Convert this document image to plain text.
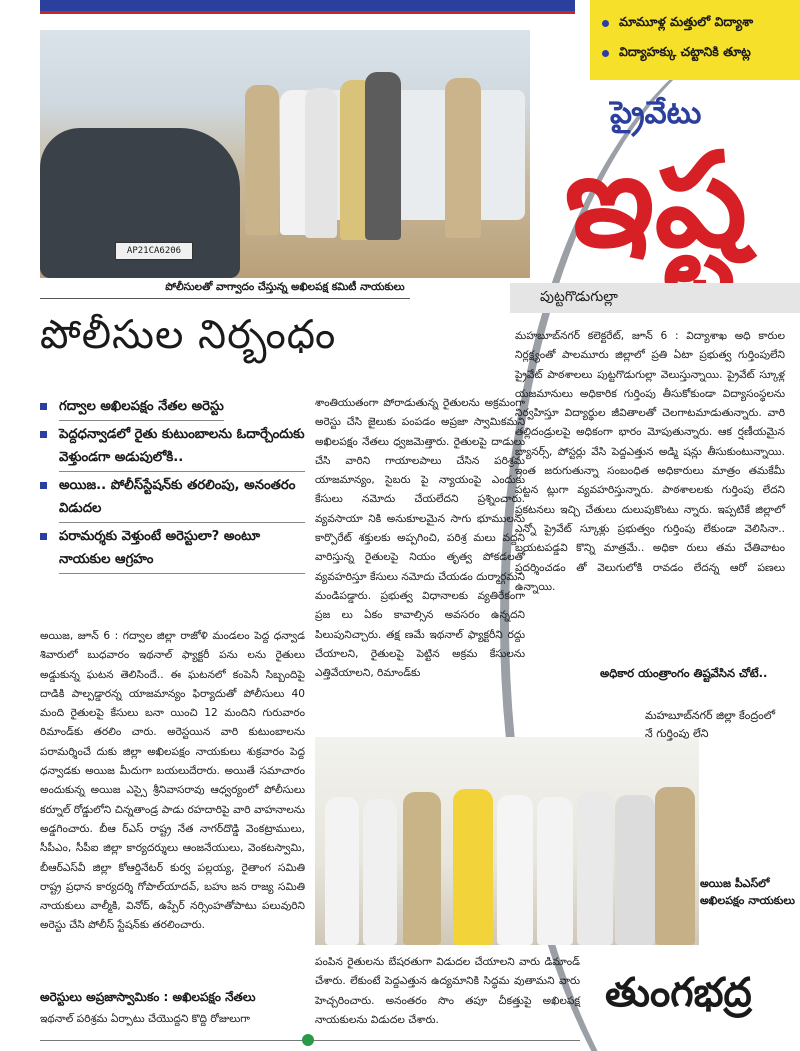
మామూళ్ల మత్తులో విద్యాశా
విద్యాహక్కు చట్టానికి తూట్ల
AP21CA6206
పోలీసులతో వాగ్వాదం చేస్తున్న అఖిలపక్ష కమిటీ నాయకులు
పోలీసుల నిర్బంధం
గద్వాల అఖిలపక్షం నేతల అరెస్టు
పెద్దధన్వాడలో రైతు కుటుంబాలను ఓదార్చేందుకు వెళ్తుండగా అడుపులోకి..
అయిజ.. పోలీస్‌స్టేషన్‌కు తరలింపు, అనంతరం విడుదల
పరామర్శకు వెళ్తుంటే అరెస్టులా? అంటూ నాయకుల ఆగ్రహం
అయిజ, జూన్ 6 : గద్వాల జిల్లా రాజోళి మండలం పెద్ద ధన్వాడ శివారులో బుధవారం ఇథనాల్ ఫ్యాక్టరీ పను లను రైతులు అడ్డుకున్న ఘటన తెలిసిందే.. ఈ ఘటనలో కంపెనీ సిబ్బందిపై దాడికి పాల్పడ్డారన్న యాజమాన్యం ఫిర్యాదుతో పోలీసులు 40 మంది రైతులపై కేసులు బనా యించి 12 మందిని గురువారం రిమాండ్‌కు తరలిం చారు. అరెస్టయిన వారి కుటుంబాలను పరామర్శించే దుకు జిల్లా అఖిలపక్షం నాయకులు శుక్రవారం పెద్ద ధన్వాడకు అయిజ మీదుగా బయలుదేరారు. అయితే సమాచారం అందుకున్న అయిజ ఎస్సై శ్రీనివాసరావు ఆధ్వర్యంలో పోలీసులు కర్నూల్ రోడ్డులోని చిన్నతాండ్ర పాడు రహదారిపై వారి వాహనాలను అడ్డగించారు. బీఆ ర్ఎస్ రాష్ట్ర నేత నాగర్‌దొడ్డి వెంకట్రాములు, సీపీఎం, సీపీఐ జిల్లా కార్యదర్శులు ఆంజనేయులు, వెంకటస్వామి, బీఆర్ఎస్‌వీ జిల్లా కోఆర్డినేటర్ కుర్వ పల్లయ్య, రైతాంగ సమితి రాష్ట్ర ప్రధాన కార్యదర్శి గోపాల్‌యాదవ్, బహు జన రాజ్య సమితి నాయకులు వాల్మీకి, వినోద్, ఉప్పేర్ నర్సింహతోపాటు పలువురిని అరెస్టు చేసి పోలీస్ స్టేషన్‌కు తరలించారు.
అరెస్టులు అప్రజాస్వామికం : అఖిలపక్షం నేతలు
ఇథనాల్ పరిశ్రమ ఏర్పాటు చేయొద్దని కొద్ది రోజులుగా
శాంతియుతంగా పోరాడుతున్న రైతులను అక్రమంగా అరెస్టు చేసి జైలుకు పంపడం అప్రజా స్వామికమని అఖిలపక్షం నేతలు ధ్వజమెత్తారు. రైతులపై దాడులు చేసి వారిని గాయాలపాలు చేసిన పరిశ్రమ యాజమాన్యం, సైబరు పై న్యాయంపై ఎందుకు కేసులు నమోదు చేయలేదని ప్రశ్నించారు. వ్యవసాయా నికి అనుకూలమైన సాగు భూములను కార్పొరేట్ శక్తులకు అప్పగించి, పరిశ్ర మలు వద్దని వారిస్తున్న రైతులపై నియం తృత్వ పోకడలతో వ్యవహరిస్తూ కేసులు నమోదు చేయడం దుర్మార్గమని మండిపడ్డారు. ప్రభుత్వ విధానాలకు వ్యతిరేకంగా ప్రజ లు ఏకం కావాల్సిన అవసరం ఉన్నదని పిలుపునిచ్చారు. తక్ష ణమే ఇథనాల్ ఫ్యాక్టరీని రద్దు చేయాలని, రైతులపై పెట్టిన అక్రమ కేసులను ఎత్తివేయాలని, రిమాండ్‌కు
అయిజ పీఎస్‌లో అఖిలపక్షం నాయకులు
పంపిన రైతులను బేషరతుగా విడుదల చేయాలని వారు డిమాండ్ చేశారు. లేకుంటే పెద్దఎత్తున ఉద్యమానికి సిద్ధమ వుతామని వారు హెచ్చరించారు. అనంతరం సొం తపూ చీకత్తుపై అఖిలపక్ష నాయకులను విడుదల చేశారు.
ప్రైవేటు
ఇష్ట
పుట్టగొడుగుల్లా
మహబూబ్‌నగర్ కలెక్టరేట్, జూన్ 6 : విద్యాశాఖ అధి కారుల నిర్లక్ష్యంతో పాలమూరు జిల్లాలో ప్రతి ఏటా ప్రభుత్వ గుర్తింపులేని ప్రైవేట్ పాఠశాలలు పుట్టగొడుగుల్లా వెలుస్తున్నాయి. ప్రైవేట్ స్కూళ్ల యజమానులు అధికారిక గుర్తింపు తీసుకోకుండా విద్యాసంస్థలను నిర్వహిస్తూ విద్యార్థుల జీవితాలతో చెలగాటమాడుతున్నారు. వారి తల్లిదండ్రులపై అధికంగా భారం మోపుతున్నారు. ఆక ర్షణీయమైన బ్యానర్స్, పోస్టర్లు వేసి పెద్దఎత్తున అడ్మి షన్లు తీసుకుంటున్నాయి. ఇంత జరుగుతున్నా సంబంధిత అధికారులు మాత్రం తమకేమీ పట్టన ట్లుగా వ్యవహరిస్తున్నారు. పాఠశాలలకు గుర్తింపు లేదని ప్రకటనలు ఇచ్చి చేతులు దులుపుకొంటు న్నారు. ఇప్పటికే జిల్లాలో ఎన్నో ప్రైవేట్ స్కూళ్లు ప్రభుత్వం గుర్తింపు లేకుండా వెలిసినా.. బయటపడ్డవి కొన్ని మాత్రమే.. అధికా రులు తమ చేతివాటం ప్రదర్శించడం తో వెలుగులోకి రావడం లేదన్న ఆరో పణలు ఉన్నాయి.
అధికార యంత్రాంగం తిష్టవేసిన చోటే..
మహబూబ్‌నగర్ జిల్లా కేంద్రంలో నే గుర్తింపు లేని
తుంగభద్ర
